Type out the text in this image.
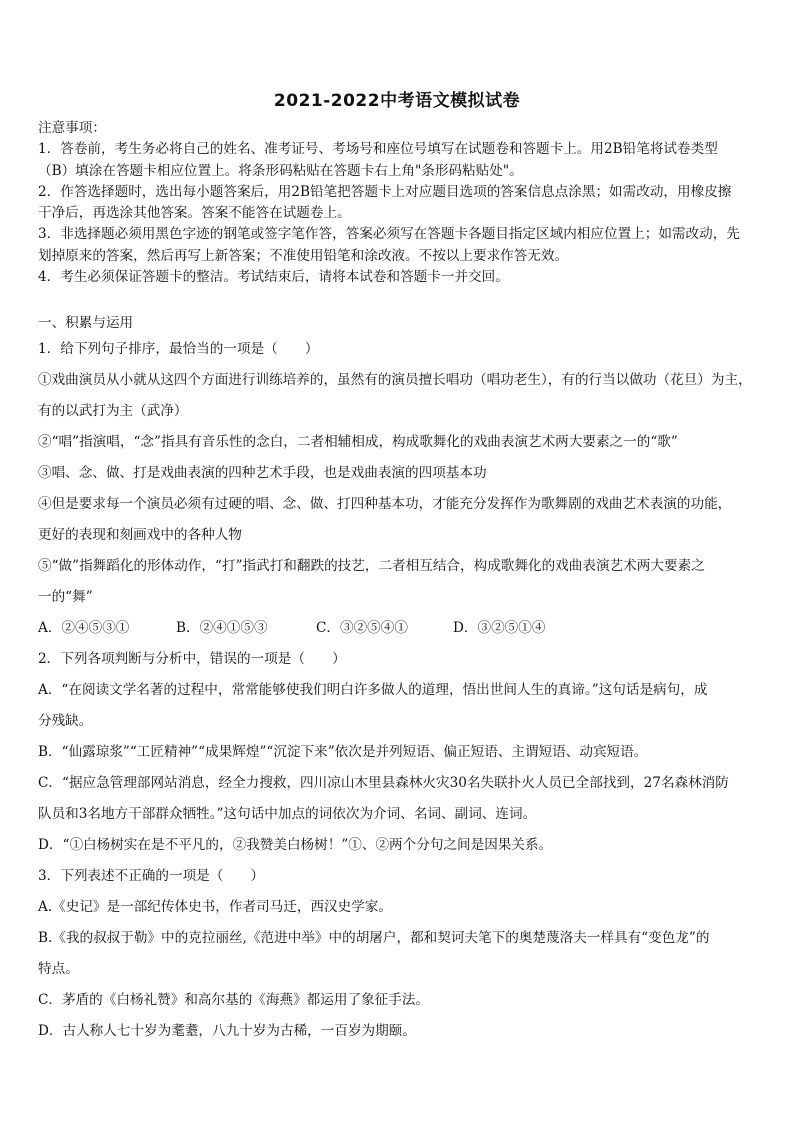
2021-2022中考语文模拟试卷
注意事项：
1．答卷前，考生务必将自己的姓名、准考证号、考场号和座位号填写在试题卷和答题卡上。用2B铅笔将试卷类型
（B）填涂在答题卡相应位置上。将条形码粘贴在答题卡右上角"条形码粘贴处"。
2．作答选择题时，选出每小题答案后，用2B铅笔把答题卡上对应题目选项的答案信息点涂黑；如需改动，用橡皮擦
干净后，再选涂其他答案。答案不能答在试题卷上。
3．非选择题必须用黑色字迹的钢笔或签字笔作答，答案必须写在答题卡各题目指定区域内相应位置上；如需改动，先
划掉原来的答案，然后再写上新答案；不准使用铅笔和涂改液。不按以上要求作答无效。
4．考生必须保证答题卡的整洁。考试结束后，请将本试卷和答题卡一并交回。
一、积累与运用
1．给下列句子排序，最恰当的一项是（　　）
①戏曲演员从小就从这四个方面进行训练培养的，虽然有的演员擅长唱功（唱功老生），有的行当以做功（花旦）为主，
有的以武打为主（武净）
②“唱”指演唱，“念”指具有音乐性的念白，二者相辅相成，构成歌舞化的戏曲表演艺术两大要素之一的“歌”
③唱、念、做、打是戏曲表演的四种艺术手段，也是戏曲表演的四项基本功
④但是要求每一个演员必须有过硬的唱、念、做、打四种基本功，才能充分发挥作为歌舞剧的戏曲艺术表演的功能，
更好的表现和刻画戏中的各种人物
⑤“做”指舞蹈化的形体动作，“打”指武打和翻跌的技艺，二者相互结合，构成歌舞化的戏曲表演艺术两大要素之
一的“舞”
A．②④⑤③①	B．②④①⑤③	C．③②⑤④①	D．③②⑤①④
2．下列各项判断与分析中，错误的一项是（　　）
A．“在阅读文学名著的过程中，常常能够使我们明白许多做人的道理，悟出世间人生的真谛。”这句话是病句，成
分残缺。
B．“仙露琼浆”“工匠精神”“成果辉煌”“沉淀下来”依次是并列短语、偏正短语、主谓短语、动宾短语。
C．“据应急管理部网站消息，经全力搜救，四川凉山木里县森林火灾30名失联扑火人员已全部找到，27名森林消防
队员和3名地方干部群众牺牲。”这句话中加点的词依次为介词、名词、副词、连词。
D．“①白杨树实在是不平凡的，②我赞美白杨树！”①、②两个分句之间是因果关系。
3．下列表述不正确的一项是（　　）
A.《史记》是一部纪传体史书，作者司马迁，西汉史学家。
B.《我的叔叔于勒》中的克拉丽丝,《范进中举》中的胡屠户，都和契诃夫笔下的奥楚蔑洛夫一样具有“变色龙”的
特点。
C．茅盾的《白杨礼赞》和高尔基的《海燕》都运用了象征手法。
D．古人称人七十岁为耄耋，八九十岁为古稀，一百岁为期颐。
